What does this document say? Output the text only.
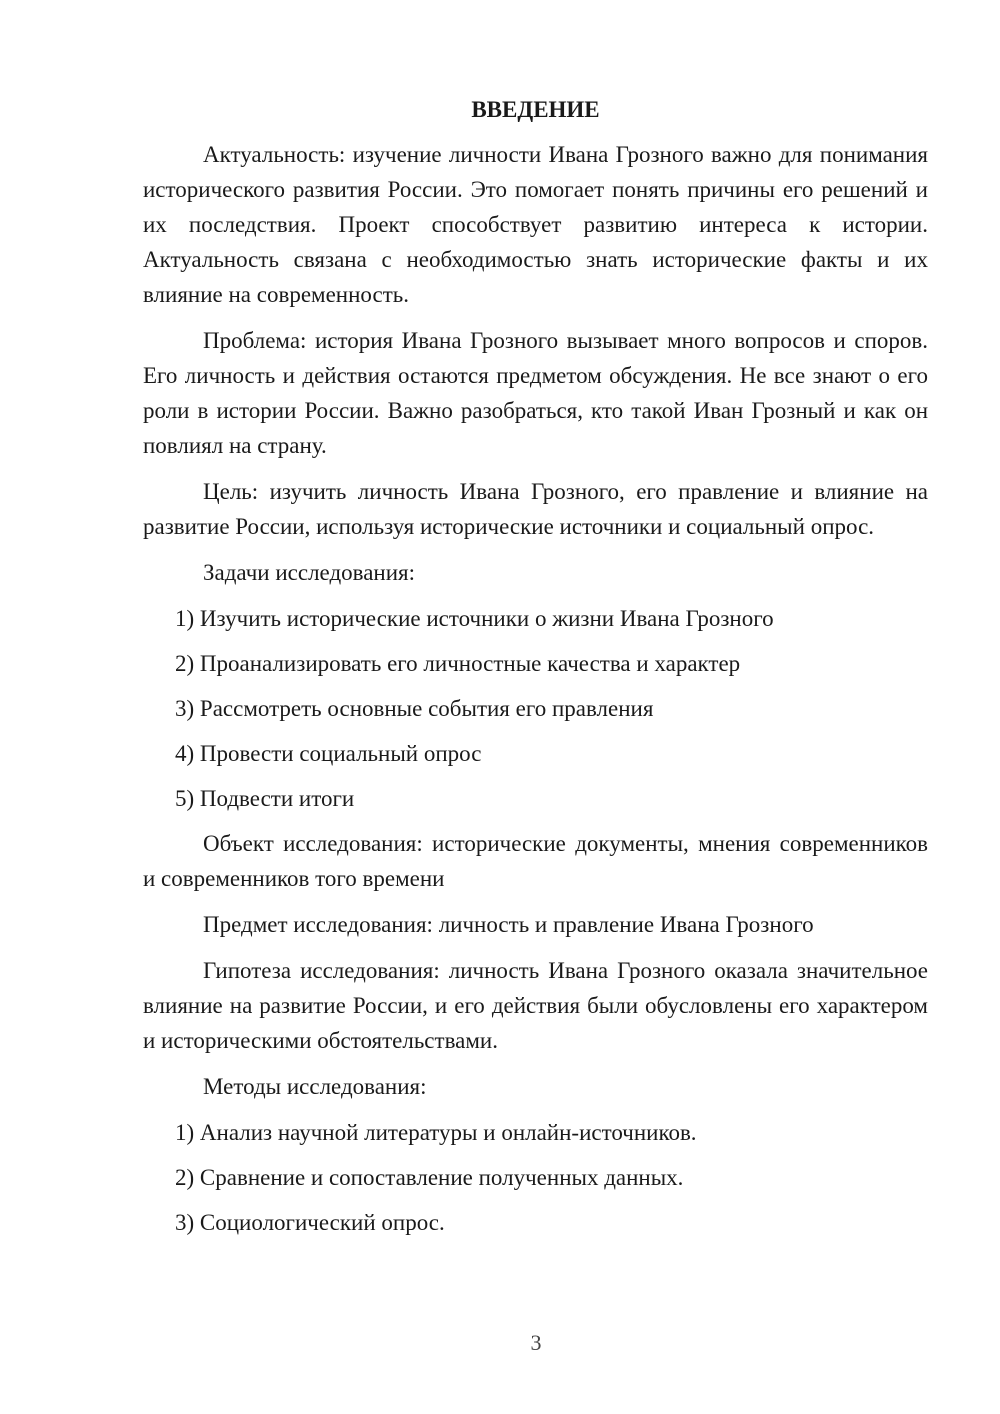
ВВЕДЕНИЕ

Актуальность: изучение личности Ивана Грозного важно для понимания исторического развития России. Это помогает понять причины его решений и их последствия. Проект способствует развитию интереса к истории. Актуальность связана с необходимостью знать исторические факты и их влияние на современность.

Проблема: история Ивана Грозного вызывает много вопросов и споров. Его личность и действия остаются предметом обсуждения. Не все знают о его роли в истории России. Важно разобраться, кто такой Иван Грозный и как он повлиял на страну.

Цель: изучить личность Ивана Грозного, его правление и влияние на развитие России, используя исторические источники и социальный опрос.

Задачи исследования:

1) Изучить исторические источники о жизни Ивана Грозного
2) Проанализировать его личностные качества и характер
3) Рассмотреть основные события его правления
4) Провести социальный опрос
5) Подвести итоги

Объект исследования: исторические документы, мнения современников и современников того времени

Предмет исследования: личность и правление Ивана Грозного

Гипотеза исследования: личность Ивана Грозного оказала значительное влияние на развитие России, и его действия были обусловлены его характером и историческими обстоятельствами.

Методы исследования:

1) Анализ научной литературы и онлайн-источников.
2) Сравнение и сопоставление полученных данных.
3) Социологический опрос.
3
